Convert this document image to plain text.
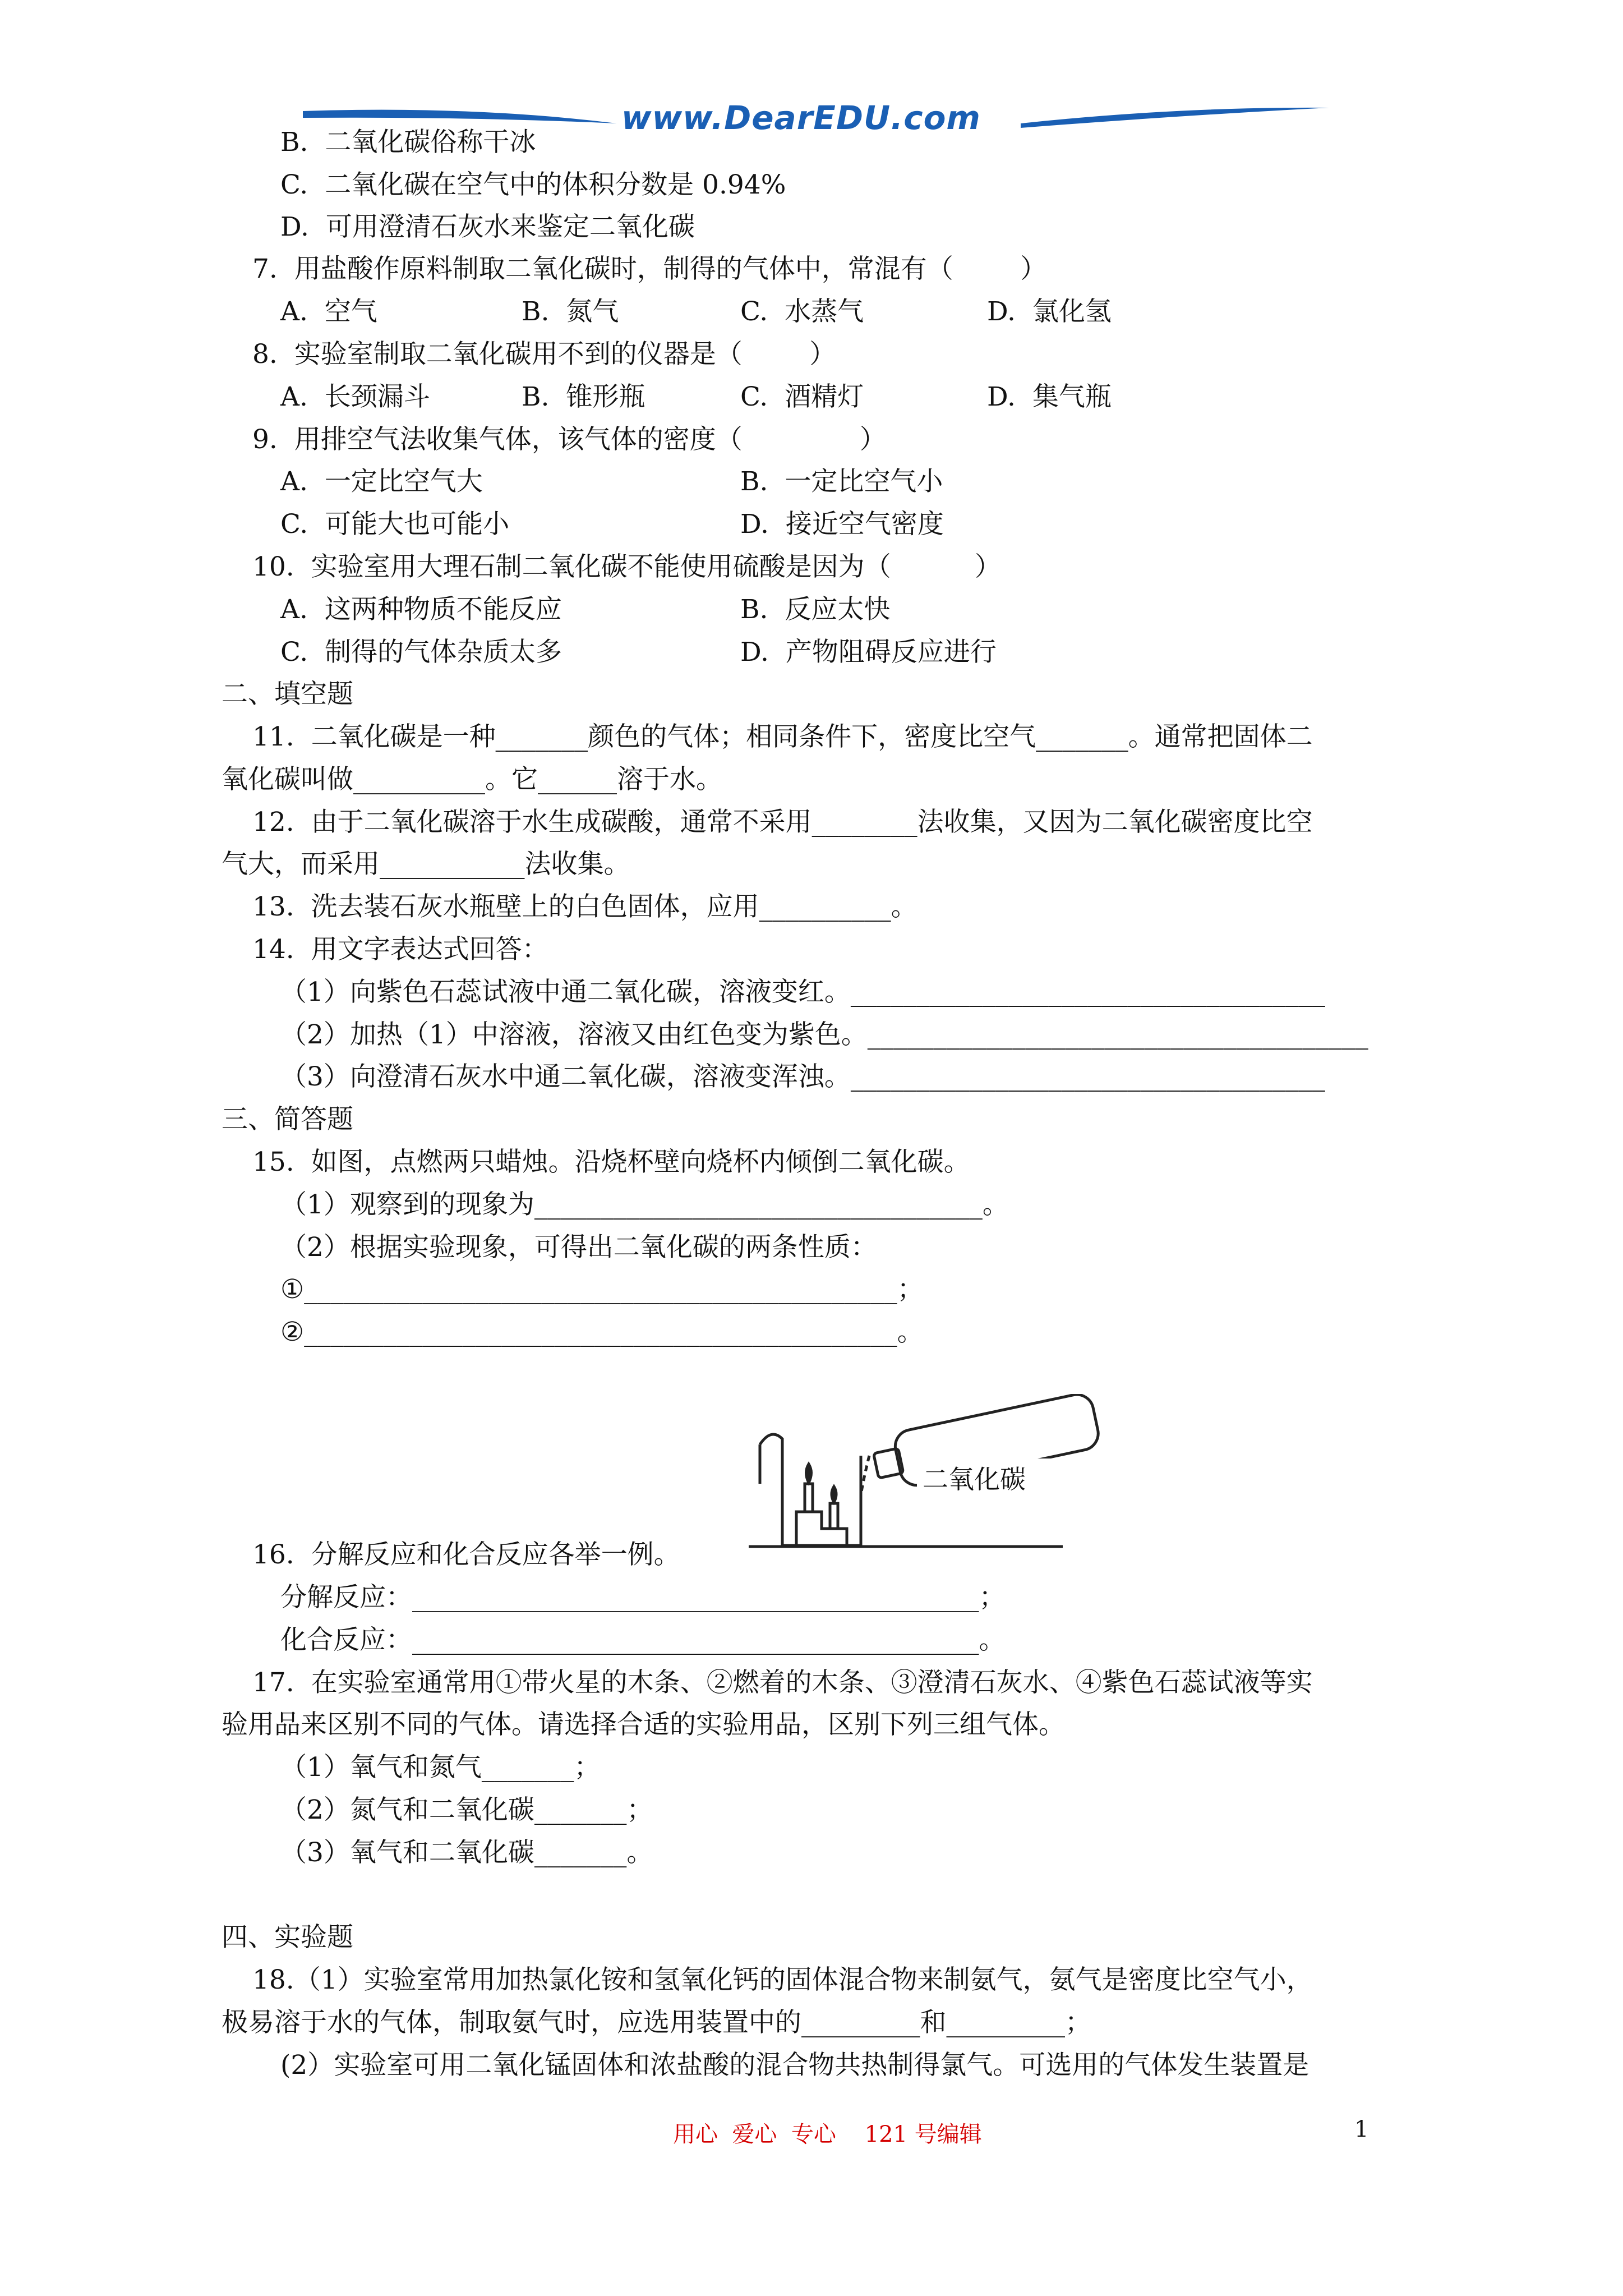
www.DearEDU.com
B.  二氧化碳俗称干冰
C.  二氧化碳在空气中的体积分数是 0.94%
D.  可用澄清石灰水来鉴定二氧化碳
7.  用盐酸作原料制取二氧化碳时，制得的气体中，常混有（        ）
A.  空气	B.  氮气	C.  水蒸气	D.  氯化氢
8.  实验室制取二氧化碳用不到的仪器是（        ）
A.  长颈漏斗	B.  锥形瓶	C.  酒精灯	D.  集气瓶
9.  用排空气法收集气体，该气体的密度（              ）
A.  一定比空气大	B.  一定比空气小
C.  可能大也可能小	D.  接近空气密度
10.  实验室用大理石制二氧化碳不能使用硫酸是因为（          ）
A.  这两种物质不能反应	B.  反应太快
C.  制得的气体杂质太多	D.  产物阻碍反应进行
二、填空题
11.  二氧化碳是一种_______颜色的气体；相同条件下，密度比空气_______。通常把固体二
氧化碳叫做__________。它______溶于水。
12.  由于二氧化碳溶于水生成碳酸，通常不采用________法收集，又因为二氧化碳密度比空
气大，而采用___________法收集。
13.  洗去装石灰水瓶壁上的白色固体，应用__________。
14.  用文字表达式回答：
（1）向紫色石蕊试液中通二氧化碳，溶液变红。____________________________________
（2）加热（1）中溶液，溶液又由红色变为紫色。______________________________________
（3）向澄清石灰水中通二氧化碳，溶液变浑浊。____________________________________
三、简答题
15.  如图，点燃两只蜡烛。沿烧杯壁向烧杯内倾倒二氧化碳。
（1）观察到的现象为__________________________________。
（2）根据实验现象，可得出二氧化碳的两条性质：
①_____________________________________________；
②_____________________________________________。
16.  分解反应和化合反应各举一例。
分解反应：___________________________________________；
化合反应：___________________________________________。
17.  在实验室通常用①带火星的木条、②燃着的木条、③澄清石灰水、④紫色石蕊试液等实
验用品来区别不同的气体。请选择合适的实验用品，区别下列三组气体。
（1）氧气和氮气_______；
（2）氮气和二氧化碳_______；
（3）氧气和二氧化碳_______。
四、实验题
18.（1）实验室常用加热氯化铵和氢氧化钙的固体混合物来制氨气，氨气是密度比空气小，
极易溶于水的气体，制取氨气时，应选用装置中的_________和_________；
(2）实验室可用二氧化锰固体和浓盐酸的混合物共热制得氯气。可选用的气体发生装置是
二氧化碳
用心  爱心  专心    121 号编辑	1
